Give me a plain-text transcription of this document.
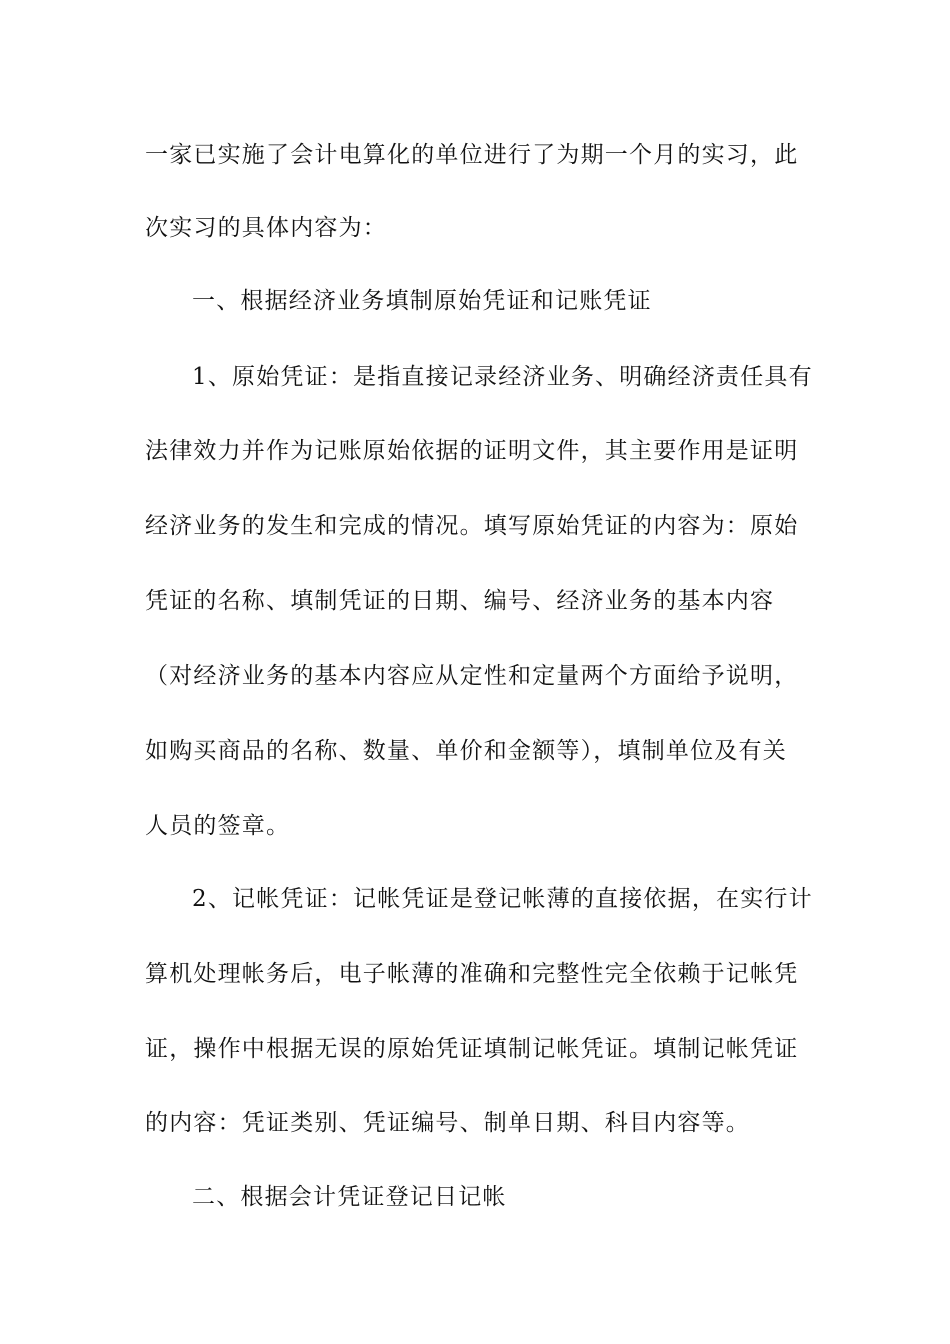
一家已实施了会计电算化的单位进行了为期一个月的实习，此
次实习的具体内容为：
一、根据经济业务填制原始凭证和记账凭证
1、原始凭证：是指直接记录经济业务、明确经济责任具有
法律效力并作为记账原始依据的证明文件，其主要作用是证明
经济业务的发生和完成的情况。填写原始凭证的内容为：原始
凭证的名称、填制凭证的日期、编号、经济业务的基本内容
（对经济业务的基本内容应从定性和定量两个方面给予说明，
如购买商品的名称、数量、单价和金额等），填制单位及有关
人员的签章。
2、记帐凭证：记帐凭证是登记帐薄的直接依据，在实行计
算机处理帐务后，电子帐薄的准确和完整性完全依赖于记帐凭
证，操作中根据无误的原始凭证填制记帐凭证。填制记帐凭证
的内容：凭证类别、凭证编号、制单日期、科目内容等。
二、根据会计凭证登记日记帐
